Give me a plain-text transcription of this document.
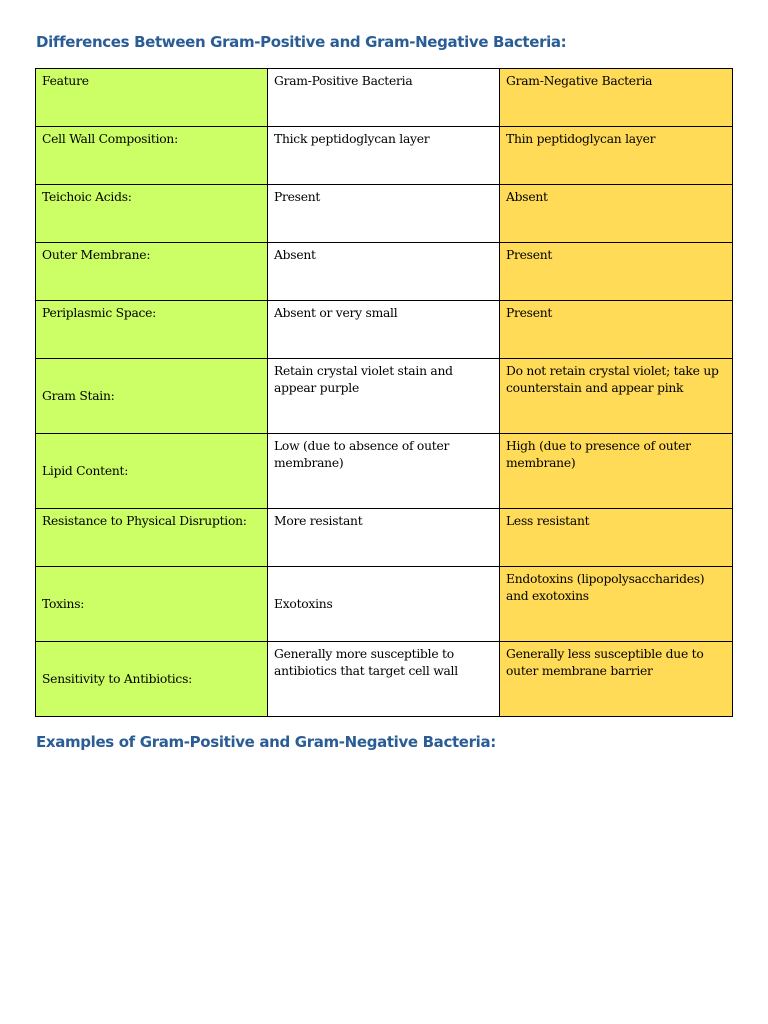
Differences Between Gram-Positive and Gram-Negative Bacteria:
Feature	Gram-Positive Bacteria	Gram-Negative Bacteria
Cell Wall Composition:	Thick peptidoglycan layer	Thin peptidoglycan layer
Teichoic Acids:	Present	Absent
Outer Membrane:	Absent	Present
Periplasmic Space:	Absent or very small	Present
Gram Stain:	Retain crystal violet stain and appear purple	Do not retain crystal violet; take up counterstain and appear pink
Lipid Content:	Low (due to absence of outer membrane)	High (due to presence of outer membrane)
Resistance to Physical Disruption:	More resistant	Less resistant
Toxins:	Exotoxins	Endotoxins (lipopolysaccharides) and exotoxins
Sensitivity to Antibiotics:	Generally more susceptible to antibiotics that target cell wall	Generally less susceptible due to outer membrane barrier
Examples of Gram-Positive and Gram-Negative Bacteria:
